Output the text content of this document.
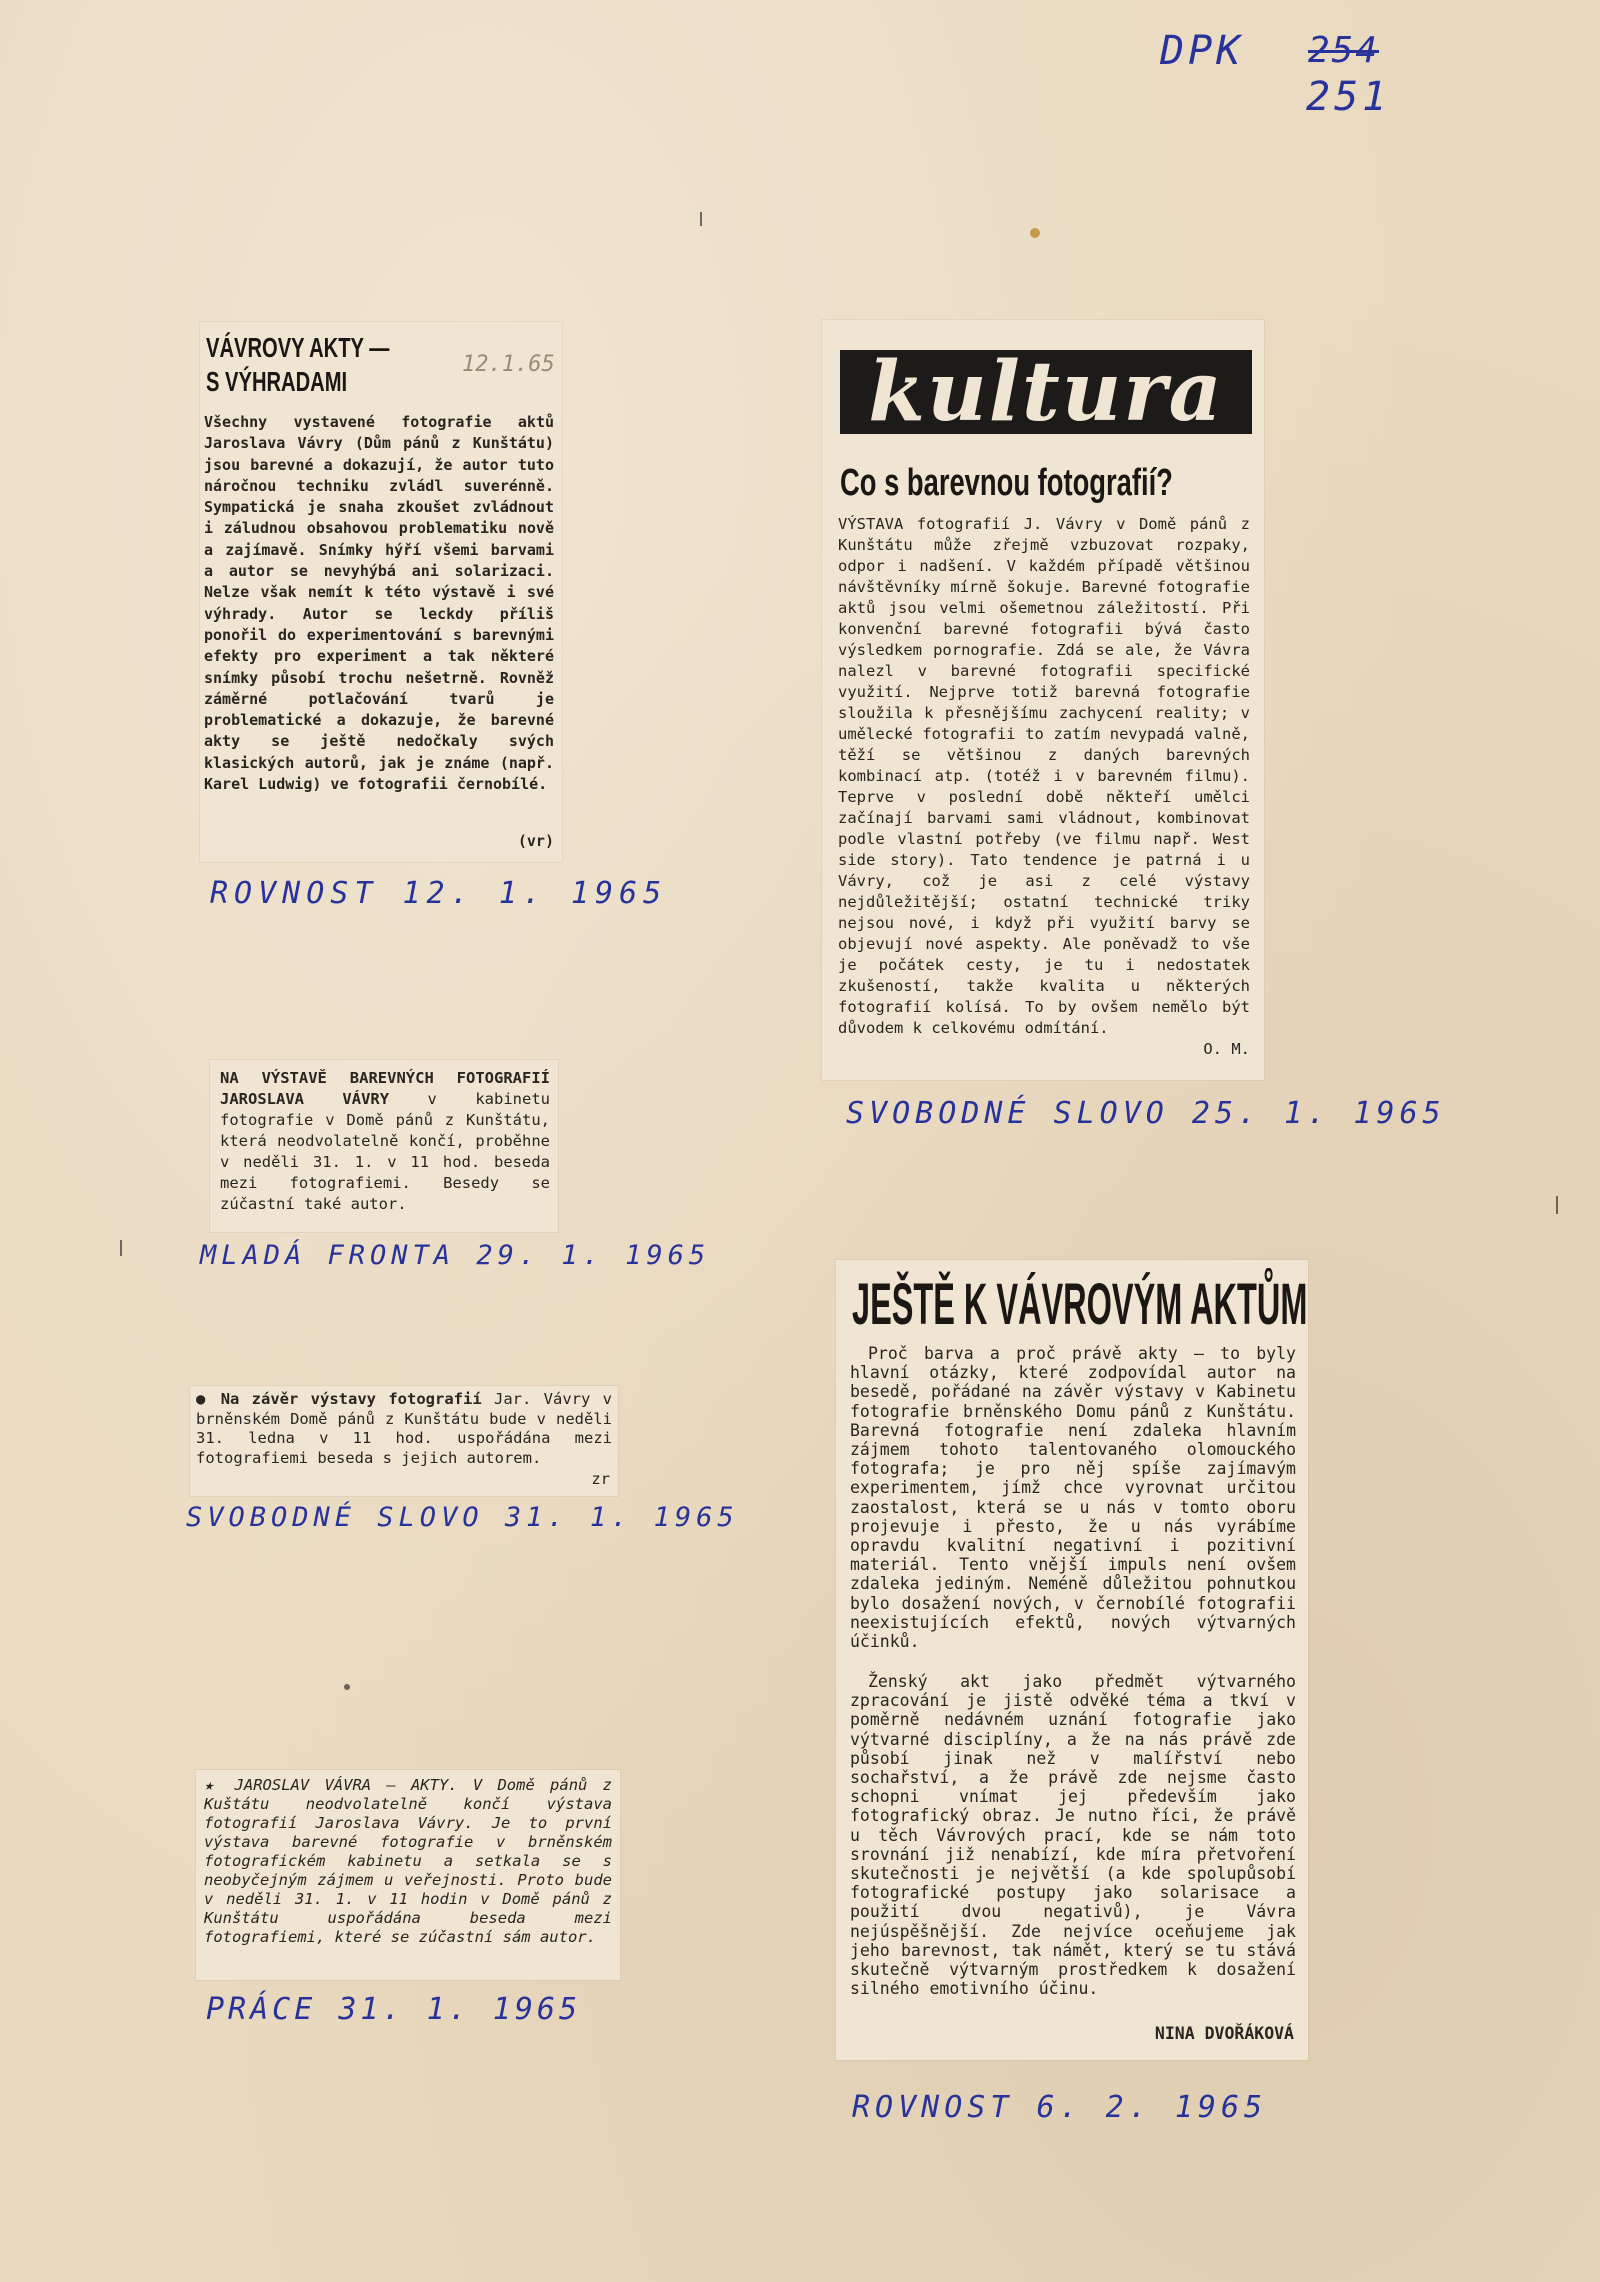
DPK 254
251
VÁVROVY AKTY —
S VÝHRADAMI
12.1.65

Všechny vystavené fotografie aktů Jaroslava Vávry (Dům pánů z Kunštátu) jsou barevné a dokazují, že autor tuto náročnou techniku zvládl suverénně. Sympatická je snaha zkoušet zvládnout i záludnou obsahovou problematiku nově a zajímavě. Snímky hýří všemi barvami a autor se nevyhýbá ani solarizaci. Nelze však nemít k této výstavě i své výhrady. Autor se leckdy příliš ponořil do experimentování s barevnými efekty pro experiment a tak některé snímky působí trochu nešetrně. Rovněž záměrné potlačování tvarů je problematické a dokazuje, že barevné akty se ještě nedočkaly svých klasických autorů, jak je známe (např. Karel Ludwig) ve fotografii černobílé.

(vr)

ROVNOST 12. 1. 1965
kultura
Co s barevnou fotografií?

VÝSTAVA fotografií J. Vávry v Domě pánů z Kunštátu může zřejmě vzbuzovat rozpaky, odpor i nadšení. V každém případě většinou návštěvníky mírně šokuje. Barevné fotografie aktů jsou velmi ošemetnou záležitostí. Při konvenční barevné fotografii bývá často výsledkem pornografie. Zdá se ale, že Vávra nalezl v barevné fotografii specifické využití. Nejprve totiž barevná fotografie sloužila k přesnějšímu zachycení reality; v umělecké fotografii to zatím nevypadá valně, těží se většinou z daných barevných kombinací atp. (totéž i v barevném filmu). Teprve v poslední době někteří umělci začínají barvami sami vládnout, kombinovat podle vlastní potřeby (ve filmu např. West side story). Tato tendence je patrná i u Vávry, což je asi z celé výstavy nejdůležitější; ostatní technické triky nejsou nové, i když při využití barvy se objevují nové aspekty. Ale poněvadž to vše je počátek cesty, je tu i nedostatek zkušeností, takže kvalita u některých fotografií kolísá. To by ovšem nemělo být důvodem k celkovému odmítání.

O. M.

SVOBODNÉ SLOVO 25. 1. 1965

NA VÝSTAVĚ BAREVNÝCH FOTOGRAFIÍ JAROSLAVA VÁVRY v kabinetu fotografie v Domě pánů z Kunštátu, která neodvolatelně končí, proběhne v neděli 31. 1. v 11 hod. beseda mezi fotografiemi. Besedy se zúčastní také autor.

MLADÁ FRONTA 29. 1. 1965

● Na závěr výstavy fotografií Jar. Vávry v brněnském Domě pánů z Kunštátu bude v neděli 31. ledna v 11 hod. uspořádána mezi fotografiemi beseda s jejich autorem.

zr

SVOBODNÉ SLOVO 31. 1. 1965

★ JAROSLAV VÁVRA — AKTY. V Domě pánů z Kuštátu neodvolatelně končí výstava fotografií Jaroslava Vávry. Je to první výstava barevné fotografie v brněnském fotografickém kabinetu a setkala se s neobyčejným zájmem u veřejnosti. Proto bude v neděli 31. 1. v 11 hodin v Domě pánů z Kunštátu uspořádána beseda mezi fotografiemi, které se zúčastní sám autor.

PRÁCE 31. 1. 1965
JEŠTĚ K VÁVROVÝM AKTŮM

Proč barva a proč právě akty — to byly hlavní otázky, které zodpovídal autor na besedě, pořádané na závěr výstavy v Kabinetu fotografie brněnského Domu pánů z Kunštátu. Barevná fotografie není zdaleka hlavním zájmem tohoto talentovaného olomouckého fotografa; je pro něj spíše zajímavým experimentem, jímž chce vyrovnat určitou zaostalost, která se u nás v tomto oboru projevuje i přesto, že u nás vyrábíme opravdu kvalitní negativní i pozitivní materiál. Tento vnější impuls není ovšem zdaleka jediným. Neméně důležitou pohnutkou bylo dosažení nových, v černobílé fotografii neexistujících efektů, nových výtvarných účinků.

Ženský akt jako předmět výtvarného zpracování je jistě odvěké téma a tkví v poměrně nedávném uznání fotografie jako výtvarné disciplíny, a že na nás právě zde působí jinak než v malířství nebo sochařství, a že právě zde nejsme často schopni vnímat jej především jako fotografický obraz. Je nutno říci, že právě u těch Vávrových prací, kde se nám toto srovnání již nenabízí, kde míra přetvoření skutečnosti je největší (a kde spolupůsobí fotografické postupy jako solarisace a použití dvou negativů), je Vávra nejúspěšnější. Zde nejvíce oceňujeme jak jeho barevnost, tak námět, který se tu stává skutečně výtvarným prostředkem k dosažení silného emotivního účinu.

NINA DVOŘÁKOVÁ

ROVNOST 6. 2. 1965
